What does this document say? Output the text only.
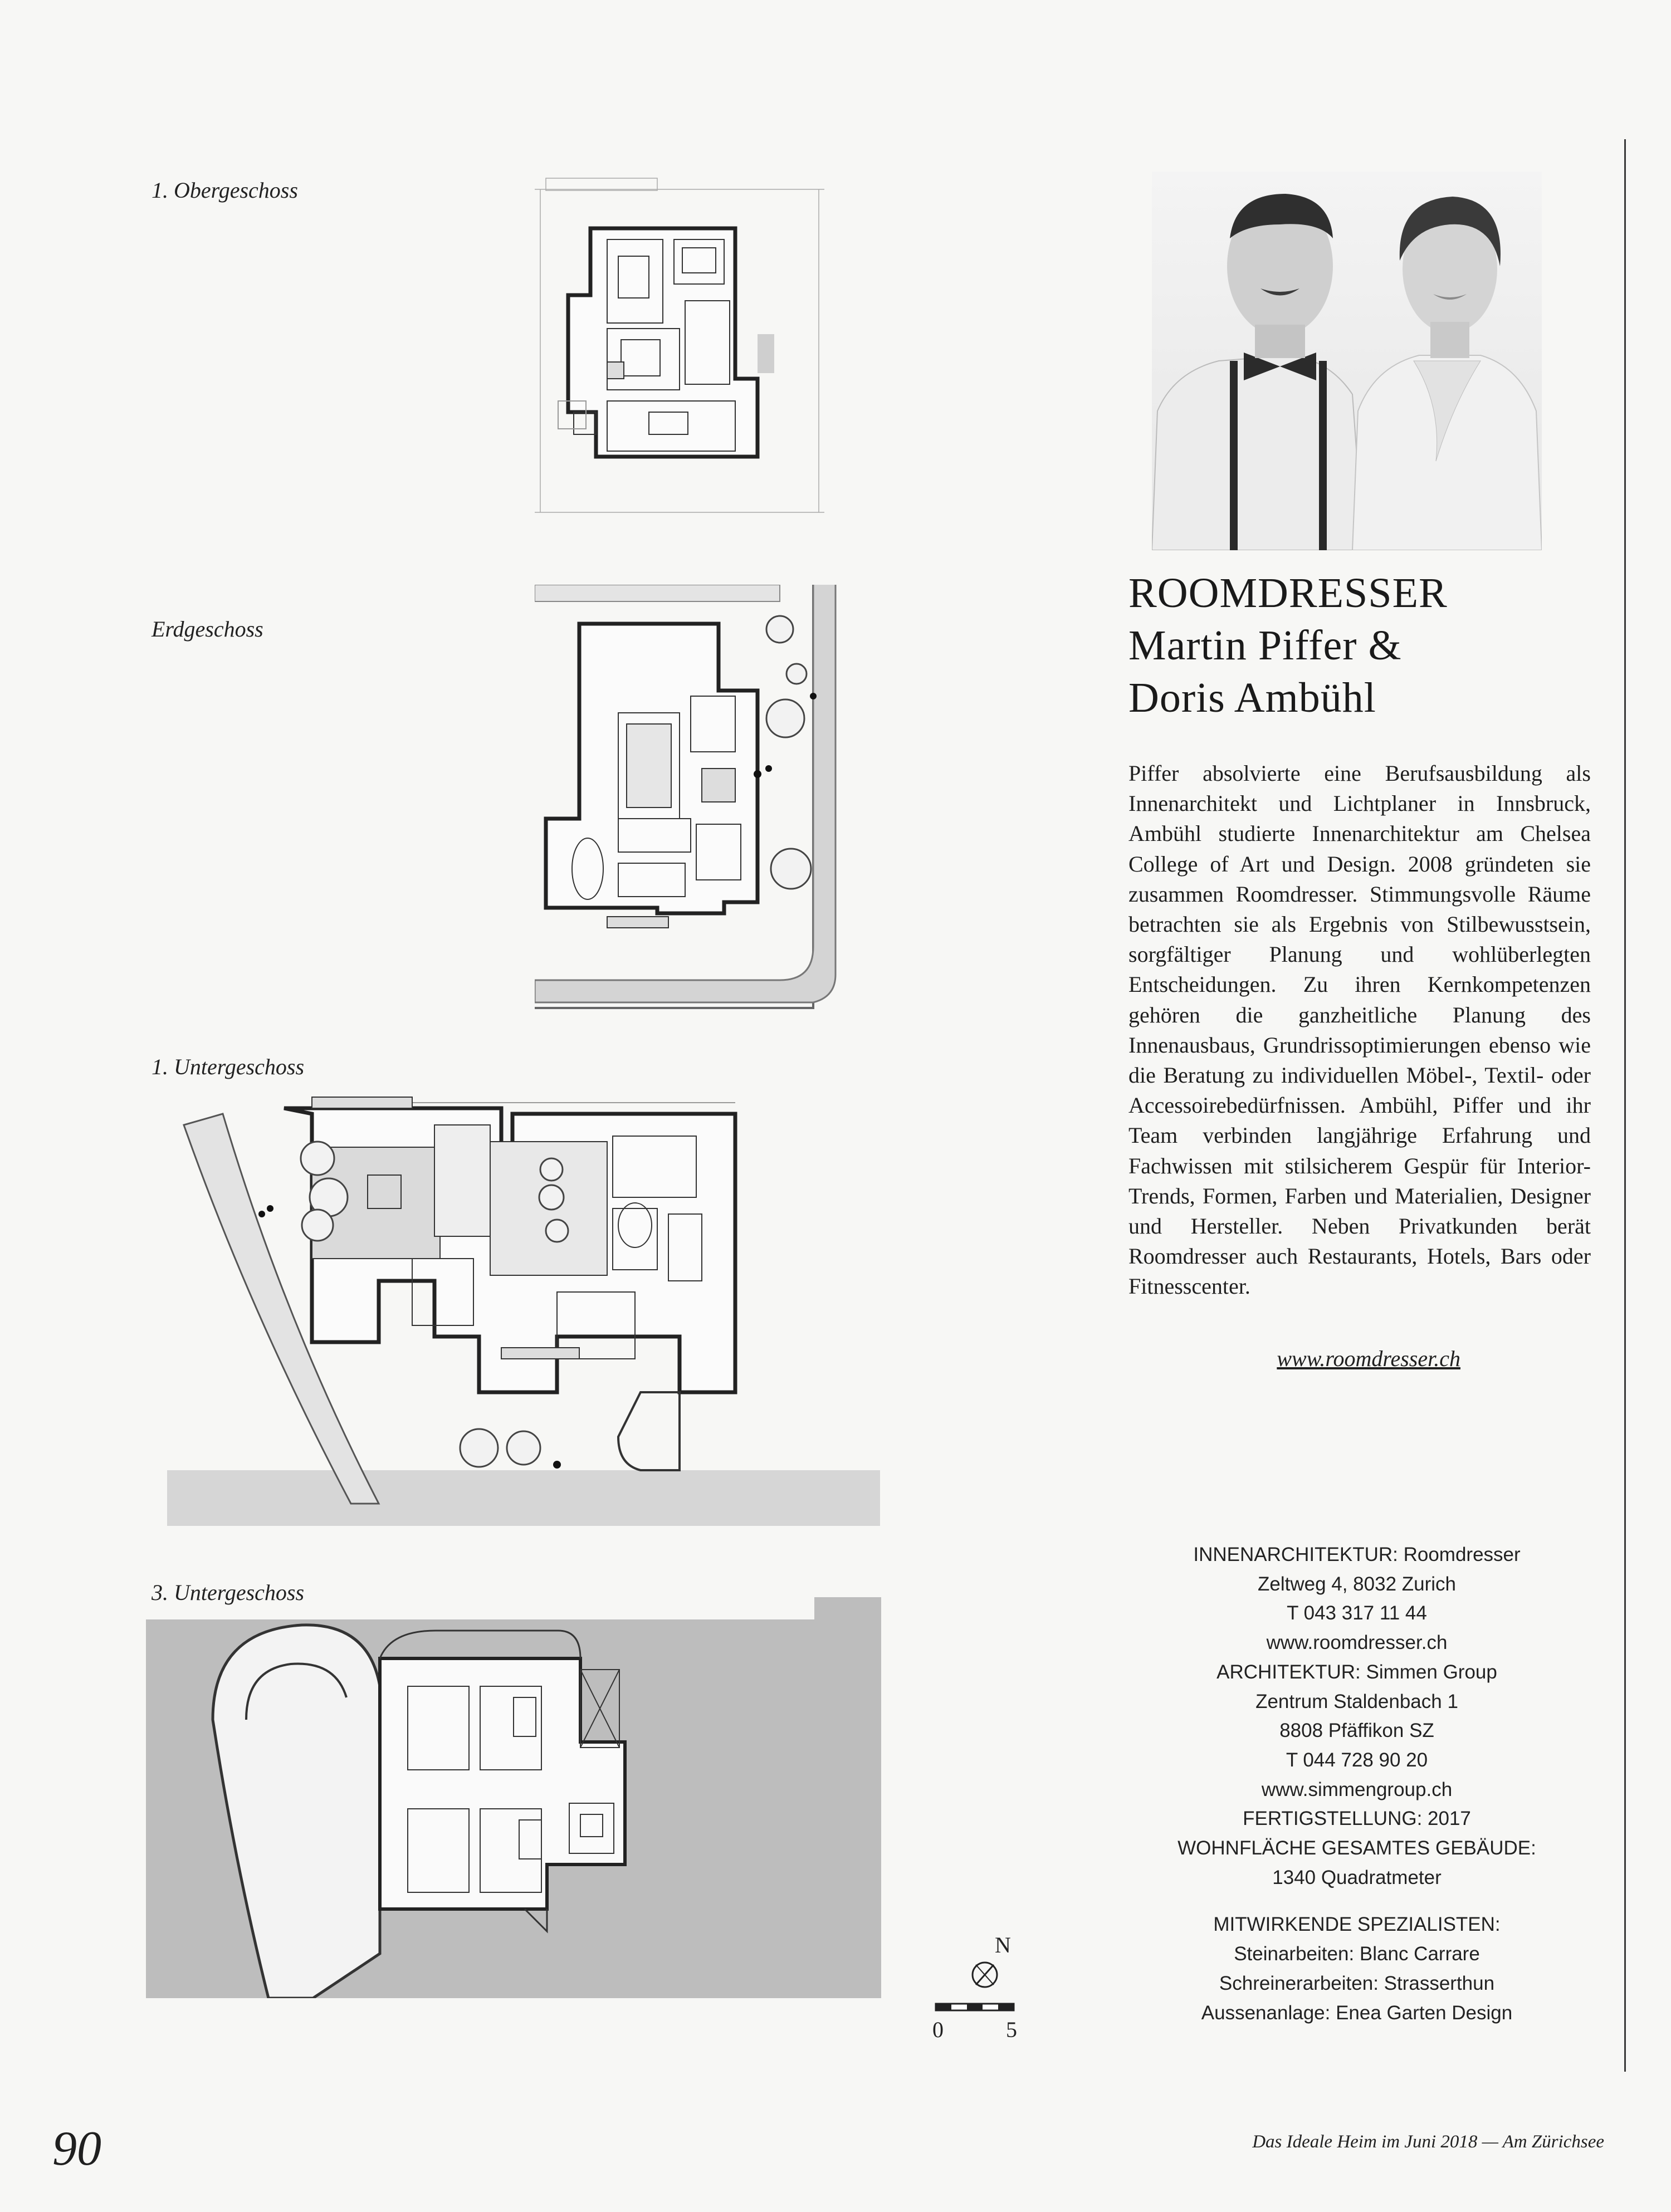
1. Obergeschoss
Erdgeschoss
1. Untergeschoss
3. Untergeschoss
ROOMDRESSER
Martin Piffer &
Doris Ambühl
Piffer absolvierte eine Berufsausbildung als Innenarchitekt und Lichtplaner in Innsbruck, Ambühl studierte Innenarchitektur am Chelsea College of Art und Design. 2008 gründeten sie zusammen Roomdresser. Stimmungsvolle Räume betrachten sie als Ergebnis von Stilbewusstsein, sorgfältiger Planung und wohlüberlegten Entscheidungen. Zu ihren Kernkompetenzen gehören die ganzheitliche Planung des Innenausbaus, Grundrissoptimierungen ebenso wie die Beratung zu individuellen Möbel-, Textil- oder Accessoirebedürfnissen. Ambühl, Piffer und ihr Team verbinden langjährige Erfahrung und Fachwissen mit stilsicherem Gespür für Interior-Trends, Formen, Farben und Materialien, Designer und Hersteller. Neben Privatkunden berät Roomdresser auch Restaurants, Hotels, Bars oder Fitnesscenter.
www.roomdresser.ch
INNENARCHITEKTUR: Roomdresser
Zeltweg 4, 8032 Zurich
T 043 317 11 44
www.roomdresser.ch
ARCHITEKTUR: Simmen Group
Zentrum Staldenbach 1
8808 Pfäffikon SZ
T 044 728 90 20
www.simmengroup.ch
FERTIGSTELLUNG: 2017
WOHNFLÄCHE GESAMTES GEBÄUDE:
1340 Quadratmeter
MITWIRKENDE SPEZIALISTEN:
Steinarbeiten: Blanc Carrare
Schreinerarbeiten: Strasserthun
Aussenanlage: Enea Garten Design
N
0	5
90	Das Ideale Heim im Juni 2018 — Am Zürichsee
